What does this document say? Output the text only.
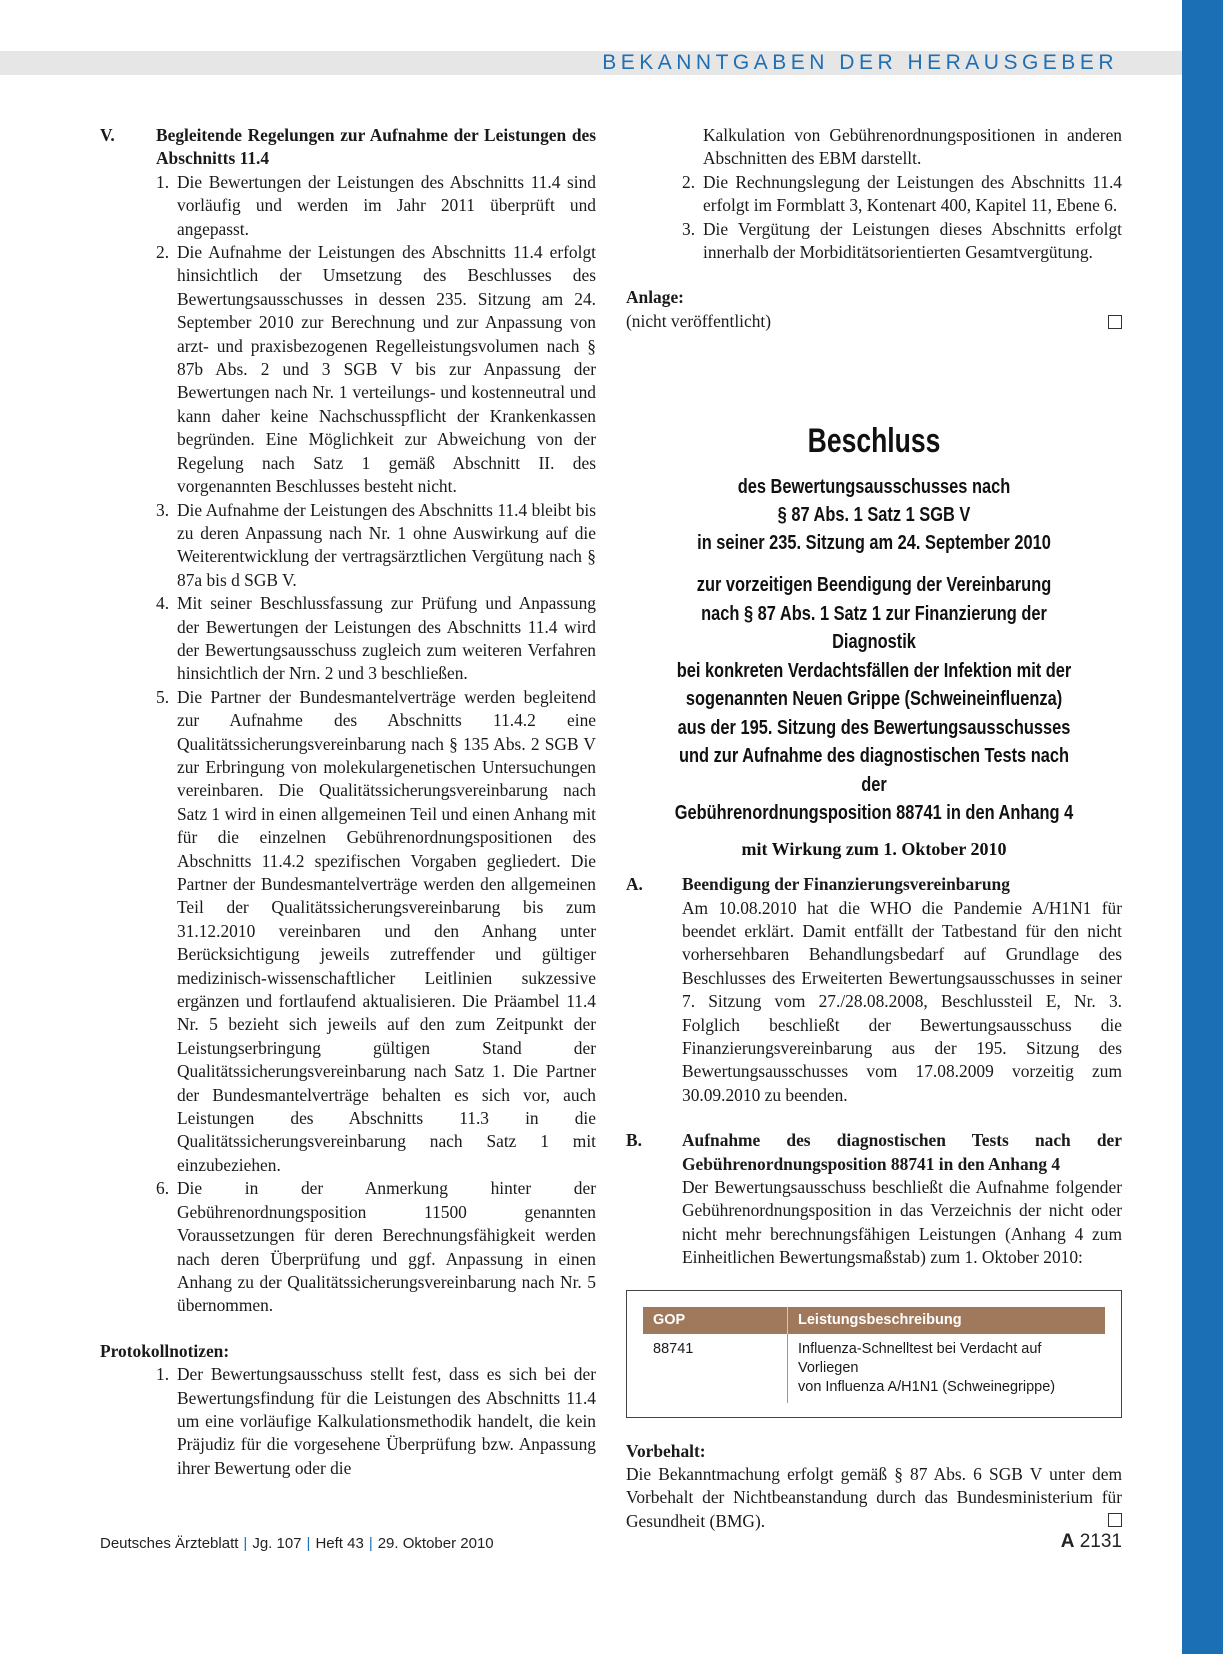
BEKANNTGABEN DER HERAUSGEBER
V.	Begleitende Regelungen zur Aufnahme der Leistungen des Abschnitts 11.4
1. Die Bewertungen der Leistungen des Abschnitts 11.4 sind vorläufig und werden im Jahr 2011 überprüft und angepasst.
2. Die Aufnahme der Leistungen des Abschnitts 11.4 erfolgt hinsichtlich der Umsetzung des Beschlusses des Bewertungsausschusses in dessen 235. Sitzung am 24. September 2010 zur Berechnung und zur Anpassung von arzt- und praxisbezogenen Regelleistungsvolumen nach § 87b Abs. 2 und 3 SGB V bis zur Anpassung der Bewertungen nach Nr. 1 verteilungs- und kostenneutral und kann daher keine Nachschusspflicht der Krankenkassen begründen. Eine Möglichkeit zur Abweichung von der Regelung nach Satz 1 gemäß Abschnitt II. des vorgenannten Beschlusses besteht nicht.
3. Die Aufnahme der Leistungen des Abschnitts 11.4 bleibt bis zu deren Anpassung nach Nr. 1 ohne Auswirkung auf die Weiterentwicklung der vertragsärztlichen Vergütung nach § 87a bis d SGB V.
4. Mit seiner Beschlussfassung zur Prüfung und Anpassung der Bewertungen der Leistungen des Abschnitts 11.4 wird der Bewertungsausschuss zugleich zum weiteren Verfahren hinsichtlich der Nrn. 2 und 3 beschließen.
5. Die Partner der Bundesmantelverträge werden begleitend zur Aufnahme des Abschnitts 11.4.2 eine Qualitätssicherungsvereinbarung nach § 135 Abs. 2 SGB V zur Erbringung von molekulargenetischen Untersuchungen vereinbaren. Die Qualitätssicherungsvereinbarung nach Satz 1 wird in einen allgemeinen Teil und einen Anhang mit für die einzelnen Gebührenordnungspositionen des Abschnitts 11.4.2 spezifischen Vorgaben gegliedert. Die Partner der Bundesmantelverträge werden den allgemeinen Teil der Qualitätssicherungsvereinbarung bis zum 31.12.2010 vereinbaren und den Anhang unter Berücksichtigung jeweils zutreffender und gültiger medizinisch-wissenschaftlicher Leitlinien sukzessive ergänzen und fortlaufend aktualisieren. Die Präambel 11.4 Nr. 5 bezieht sich jeweils auf den zum Zeitpunkt der Leistungserbringung gültigen Stand der Qualitätssicherungsvereinbarung nach Satz 1. Die Partner der Bundesmantelverträge behalten es sich vor, auch Leistungen des Abschnitts 11.3 in die Qualitätssicherungsvereinbarung nach Satz 1 mit einzubeziehen.
6. Die in der Anmerkung hinter der Gebührenordnungsposition 11500 genannten Voraussetzungen für deren Berechnungsfähigkeit werden nach deren Überprüfung und ggf. Anpassung in einen Anhang zu der Qualitätssicherungsvereinbarung nach Nr. 5 übernommen.
Protokollnotizen:
1. Der Bewertungsausschuss stellt fest, dass es sich bei der Bewertungsfindung für die Leistungen des Abschnitts 11.4 um eine vorläufige Kalkulationsmethodik handelt, die kein Präjudiz für die vorgesehene Überprüfung bzw. Anpassung ihrer Bewertung oder die
Kalkulation von Gebührenordnungspositionen in anderen Abschnitten des EBM darstellt.
2. Die Rechnungslegung der Leistungen des Abschnitts 11.4 erfolgt im Formblatt 3, Kontenart 400, Kapitel 11, Ebene 6.
3. Die Vergütung der Leistungen dieses Abschnitts erfolgt innerhalb der Morbiditätsorientierten Gesamtvergütung.
Anlage:
(nicht veröffentlicht)
Beschluss
des Bewertungsausschusses nach
§ 87 Abs. 1 Satz 1 SGB V
in seiner 235. Sitzung am 24. September 2010
zur vorzeitigen Beendigung der Vereinbarung
nach § 87 Abs. 1 Satz 1 zur Finanzierung der Diagnostik
bei konkreten Verdachtsfällen der Infektion mit der
sogenannten Neuen Grippe (Schweineinfluenza)
aus der 195. Sitzung des Bewertungsausschusses
und zur Aufnahme des diagnostischen Tests nach der
Gebührenordnungsposition 88741 in den Anhang 4
mit Wirkung zum 1. Oktober 2010
A.	Beendigung der Finanzierungsvereinbarung
Am 10.08.2010 hat die WHO die Pandemie A/H1N1 für beendet erklärt. Damit entfällt der Tatbestand für den nicht vorhersehbaren Behandlungsbedarf auf Grundlage des Beschlusses des Erweiterten Bewertungsausschusses in seiner 7. Sitzung vom 27./28.08.2008, Beschlussteil E, Nr. 3. Folglich beschließt der Bewertungsausschuss die Finanzierungsvereinbarung aus der 195. Sitzung des Bewertungsausschusses vom 17.08.2009 vorzeitig zum 30.09.2010 zu beenden.
B.	Aufnahme des diagnostischen Tests nach der Gebührenordnungsposition 88741 in den Anhang 4
Der Bewertungsausschuss beschließt die Aufnahme folgender Gebührenordnungsposition in das Verzeichnis der nicht oder nicht mehr berechnungsfähigen Leistungen (Anhang 4 zum Einheitlichen Bewertungsmaßstab) zum 1. Oktober 2010:
GOP	Leistungsbeschreibung
88741	Influenza-Schnelltest bei Verdacht auf Vorliegen
von Influenza A/H1N1 (Schweinegrippe)
Vorbehalt:
Die Bekanntmachung erfolgt gemäß § 87 Abs. 6 SGB V unter dem Vorbehalt der Nichtbeanstandung durch das Bundesministerium für Gesundheit (BMG).
Deutsches Ärzteblatt | Jg. 107 | Heft 43 | 29. Oktober 2010	A 2131
